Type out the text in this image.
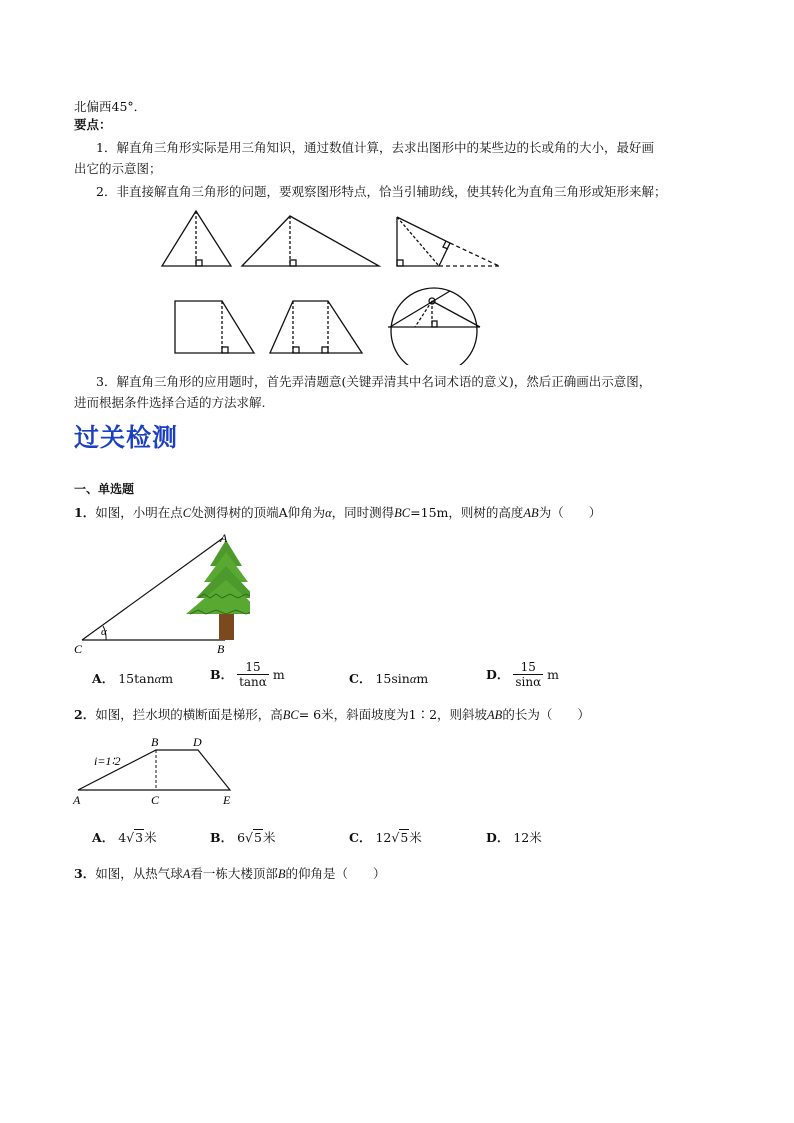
北偏西45°．
要点：
1．解直角三角形实际是用三角知识，通过数值计算，去求出图形中的某些边的长或角的大小，最好画
出它的示意图；
2．非直接解直角三角形的问题，要观察图形特点，恰当引辅助线，使其转化为直角三角形或矩形来解；
3．解直角三角形的应用题时，首先弄清题意(关键弄清其中名词术语的意义)，然后正确画出示意图，
进而根据条件选择合适的方法求解.
过关检测
一、单选题
1．如图，小明在点C处测得树的顶端A仰角为α，同时测得BC=15m，则树的高度AB为（　　）
A
B
C
α
A． 15tanαm	B． $\frac{15}{\tan\alpha}$ m	C． 15sinαm	D． $\frac{15}{\sin\alpha}$ m
2．如图，拦水坝的横断面是梯形，高BC= 6米，斜面坡度为1∶2，则斜坡AB的长为（　　）
B	D
A	C	E
i=1∶2
A． 4√3米	B． 6√5米	C． 12√5米	D． 12米
3．如图，从热气球A看一栋大楼顶部B的仰角是（　　）
